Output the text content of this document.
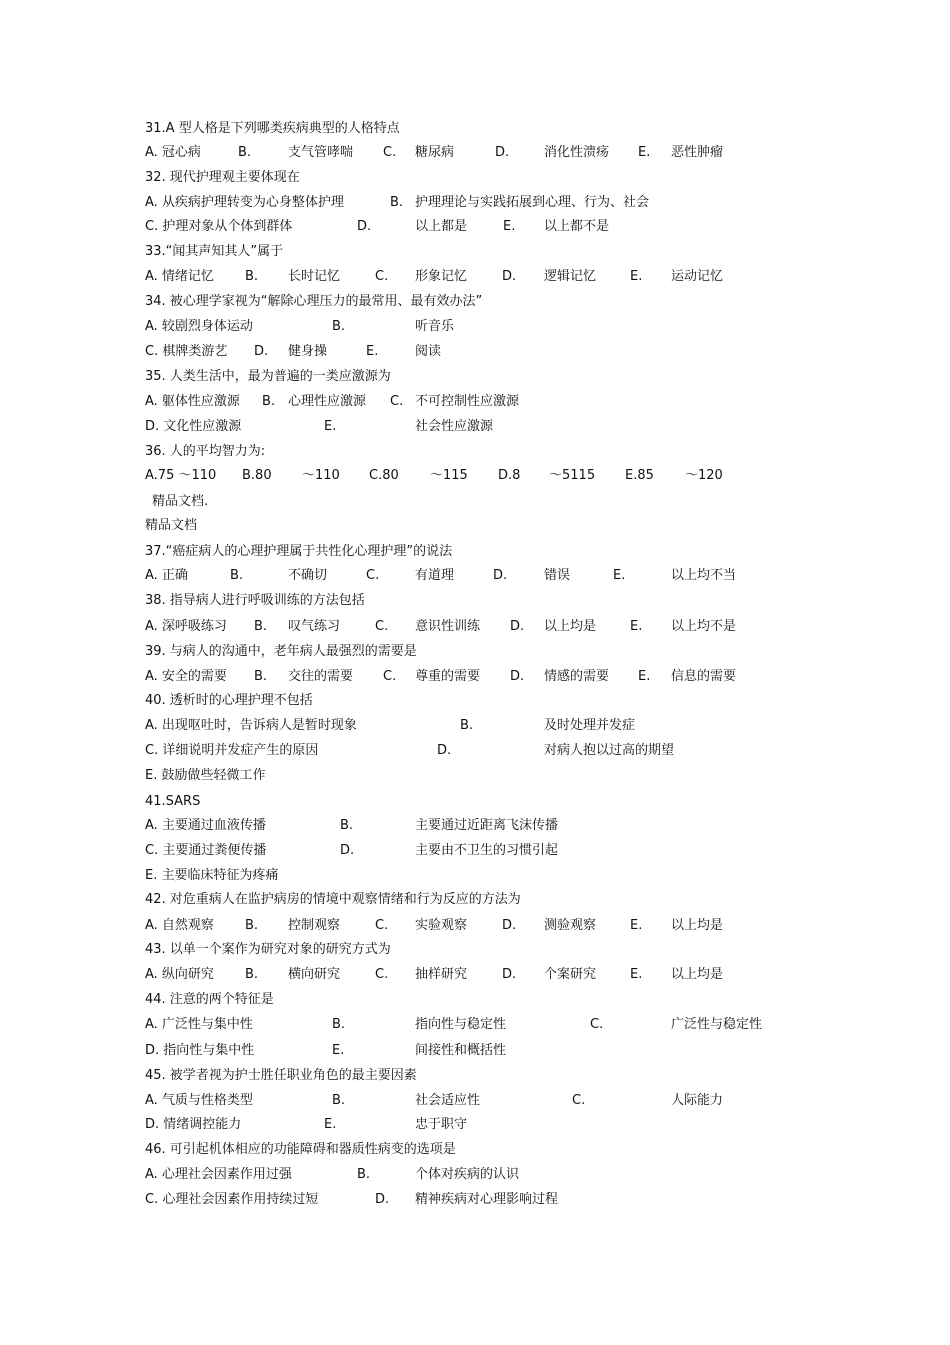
31.A 型人格是下列哪类疾病典型的人格特点
A. 冠心病	B.	支气管哮喘 C. 糖尿病	D.	消化性溃疡 E. 恶性肿瘤
32. 现代护理观主要体现在
A. 从疾病护理转变为心身整体护理	B. 护理理论与实践拓展到心理、行为、社会
C. 护理对象从个体到群体	D.	以上都是	E. 以上都不是
33.“闻其声知其人”属于
A. 情绪记忆 B. 长时记忆	C. 形象记忆	D. 逻辑记忆	E. 运动记忆
34. 被心理学家视为“解除心理压力的最常用、最有效办法”
A. 较剧烈身体运动	B.	听音乐
C. 棋牌类游艺 D. 健身操	E.	阅读
35. 人类生活中，最为普遍的一类应激源为
A. 躯体性应激源 B. 心理性应激源 C. 不可控制性应激源
D. 文化性应激源	E.	社会性应激源
36. 人的平均智力为:
A.75 ～110 B.80 ～110 C.80 ～115 D.8 ～5115 E.85 ～120
精品文档.
精品文档
37.“癌症病人的心理护理属于共性化心理护理”的说法
A. 正确	B.	不确切	C.	有道理	D.	错误	E.	以上均不当
38. 指导病人进行呼吸训练的方法包括
A. 深呼吸练习 B. 叹气练习	C. 意识性训练 D. 以上均是	E. 以上均不是
39. 与病人的沟通中，老年病人最强烈的需要是
A. 安全的需要 B. 交往的需要 C. 尊重的需要 D. 情感的需要 E. 信息的需要
40. 透析时的心理护理不包括
A. 出现呕吐时，告诉病人是暂时现象	B.	及时处理并发症
C. 详细说明并发症产生的原因	D.	对病人抱以过高的期望
E. 鼓励做些轻微工作
41.SARS
A. 主要通过血液传播	B.	主要通过近距离飞沫传播
C. 主要通过粪便传播	D.	主要由不卫生的习惯引起
E. 主要临床特征为疼痛
42. 对危重病人在监护病房的情境中观察情绪和行为反应的方法为
A. 自然观察 B. 控制观察	C. 实验观察	D. 测验观察	E. 以上均是
43. 以单一个案作为研究对象的研究方式为
A. 纵向研究 B. 横向研究	C. 抽样研究	D. 个案研究	E. 以上均是
44. 注意的两个特征是
A. 广泛性与集中性	B.	指向性与稳定性	C.	广泛性与稳定性
D. 指向性与集中性	E.	间接性和概括性
45. 被学者视为护士胜任职业角色的最主要因素
A. 气质与性格类型	B.	社会适应性	C.	人际能力
D. 情绪调控能力	E.	忠于职守
46. 可引起机体相应的功能障碍和器质性病变的选项是
A. 心理社会因素作用过强	B.	个体对疾病的认识
C. 心理社会因素作用持续过短	D. 精神疾病对心理影响过程
